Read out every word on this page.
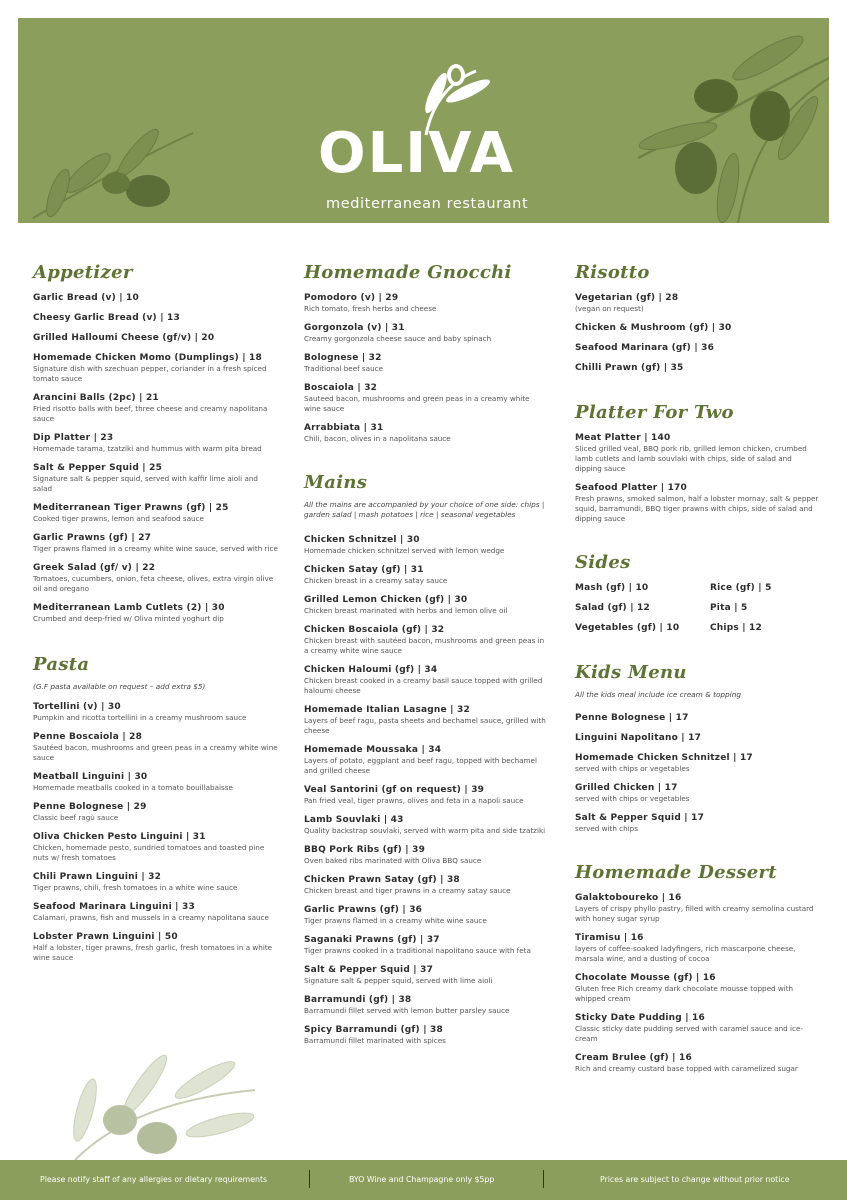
OLIVA
mediterranean restaurant
Appetizer
Garlic Bread (v) | 10
Cheesy Garlic Bread (v) | 13
Grilled Halloumi Cheese (gf/v) | 20
Homemade Chicken Momo (Dumplings) | 18
Signature dish with szechuan pepper, coriander in a fresh spiced tomato sauce
Arancini Balls (2pc) | 21
Fried risotto balls with beef, three cheese and creamy napolitana sauce
Dip Platter | 23
Homemade tarama, tzatziki and hummus with warm pita bread
Salt & Pepper Squid | 25
Signature salt & pepper squid, served with kaffir lime aioli and salad
Mediterranean Tiger Prawns (gf) | 25
Cooked tiger prawns, lemon and seafood sauce
Garlic Prawns (gf) | 27
Tiger prawns flamed in a creamy white wine sauce, served with rice
Greek Salad (gf/ v) | 22
Tomatoes, cucumbers, onion, feta cheese, olives, extra virgin olive oil and oregano
Mediterranean Lamb Cutlets (2) | 30
Crumbed and deep-fried w/ Oliva minted yoghurt dip
Pasta
(G.F pasta available on request – add extra $5)
Tortellini (v) | 30
Pumpkin and ricotta tortellini in a creamy mushroom sauce
Penne Boscaiola | 28
Sautéed bacon, mushrooms and green peas in a creamy white wine sauce
Meatball Linguini | 30
Homemade meatballs cooked in a tomato bouillabaisse
Penne Bolognese | 29
Classic beef ragù sauce
Oliva Chicken Pesto Linguini | 31
Chicken, homemade pesto, sundried tomatoes and toasted pine nuts w/ fresh tomatoes
Chili Prawn Linguini | 32
Tiger prawns, chili, fresh tomatoes in a white wine sauce
Seafood Marinara Linguini | 33
Calamari, prawns, fish and mussels in a creamy napolitana sauce
Lobster Prawn Linguini | 50
Half a lobster, tiger prawns, fresh garlic, fresh tomatoes in a white wine sauce
Homemade Gnocchi
Pomodoro (v) | 29
Rich tomato, fresh herbs and cheese
Gorgonzola (v) | 31
Creamy gorgonzola cheese sauce and baby spinach
Bolognese | 32
Traditional beef sauce
Boscaiola | 32
Sauteed bacon, mushrooms and green peas in a creamy white wine sauce
Arrabbiata | 31
Chili, bacon, olives in a napolitana sauce
Mains
All the mains are accompanied by your choice of one side: chips | garden salad | mash potatoes | rice | seasonal vegetables
Chicken Schnitzel | 30
Homemade chicken schnitzel served with lemon wedge
Chicken Satay (gf) | 31
Chicken breast in a creamy satay sauce
Grilled Lemon Chicken (gf) | 30
Chicken breast marinated with herbs and lemon olive oil
Chicken Boscaiola (gf) | 32
Chicken breast with sautéed bacon, mushrooms and green peas in a creamy white wine sauce
Chicken Haloumi (gf) | 34
Chicken breast cooked in a creamy basil sauce topped with grilled haloumi cheese
Homemade Italian Lasagne | 32
Layers of beef ragu, pasta sheets and bechamel sauce, grilled with cheese
Homemade Moussaka | 34
Layers of potato, eggplant and beef ragu, topped with bechamel and grilled cheese
Veal Santorini (gf on request) | 39
Pan fried veal, tiger prawns, olives and feta in a napoli sauce
Lamb Souvlaki | 43
Quality backstrap souvlaki, served with warm pita and side tzatziki
BBQ Pork Ribs (gf) | 39
Oven baked ribs marinated with Oliva BBQ sauce
Chicken Prawn Satay (gf) | 38
Chicken breast and tiger prawns in a creamy satay sauce
Garlic Prawns (gf) | 36
Tiger prawns flamed in a creamy white wine sauce
Saganaki Prawns (gf) | 37
Tiger prawns cooked in a traditional napolitano sauce with feta
Salt & Pepper Squid | 37
Signature salt & pepper squid, served with lime aioli
Barramundi (gf) | 38
Barramundi fillet served with lemon butter parsley sauce
Spicy Barramundi (gf) | 38
Barramundi fillet marinated with spices
Risotto
Vegetarian (gf) | 28
(vegan on request)
Chicken & Mushroom (gf) | 30
Seafood Marinara (gf) | 36
Chilli Prawn (gf) | 35
Platter For Two
Meat Platter | 140
Sliced grilled veal, BBQ pork rib, grilled lemon chicken, crumbed lamb cutlets and lamb souvlaki with chips, side of salad and dipping sauce
Seafood Platter | 170
Fresh prawns, smoked salmon, half a lobster mornay, salt & pepper squid, barramundi, BBQ tiger prawns with chips, side of salad and dipping sauce
Sides
Mash (gf) | 10	Rice (gf) | 5
Salad (gf) | 12	Pita | 5
Vegetables (gf) | 10	Chips | 12
Kids Menu
All the kids meal include ice cream & topping
Penne Bolognese | 17
Linguini Napolitano | 17
Homemade Chicken Schnitzel | 17
served with chips or vegetables
Grilled Chicken | 17
served with chips or vegetables
Salt & Pepper Squid | 17
served with chips
Homemade Dessert
Galaktoboureko | 16
Layers of crispy phyllo pastry, filled with creamy semolina custard with honey sugar syrup
Tiramisu | 16
layers of coffee-soaked ladyfingers, rich mascarpone cheese, marsala wine, and a dusting of cocoa
Chocolate Mousse (gf) | 16
Gluten free Rich creamy dark chocolate mousse topped with whipped cream
Sticky Date Pudding | 16
Classic sticky date pudding served with caramel sauce and ice-cream
Cream Brulee (gf) | 16
Rich and creamy custard base topped with caramelized sugar
Please notify staff of any allergies or dietary requirements	BYO Wine and Champagne only $5pp	Prices are subject to change without prior notice
